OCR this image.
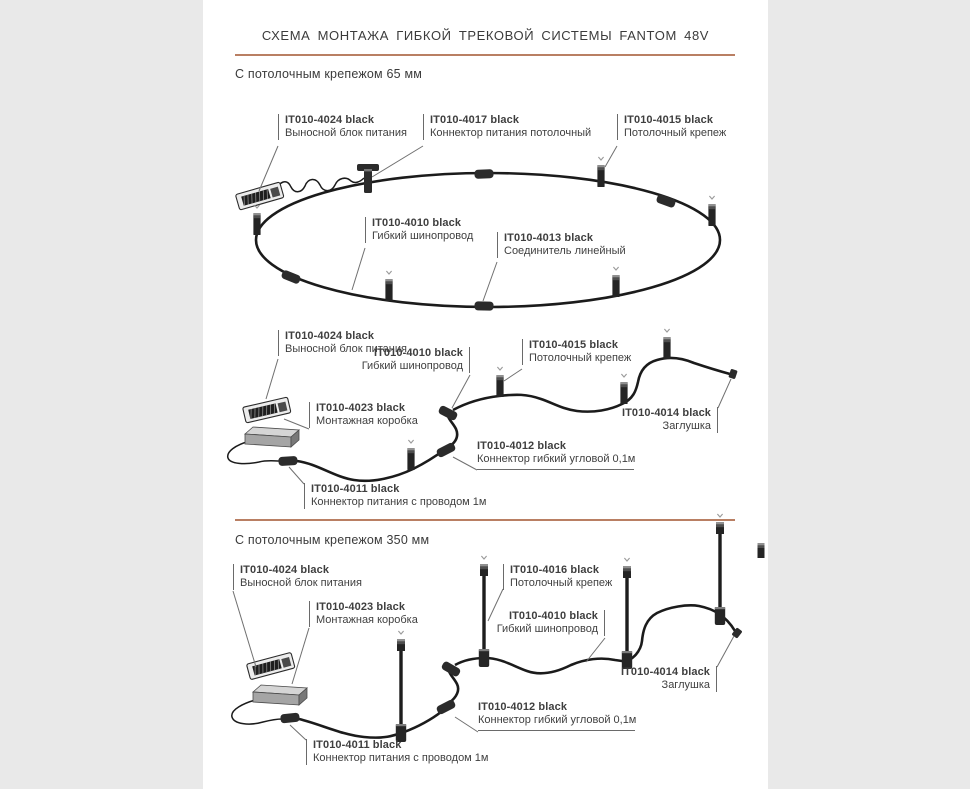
СХЕМА МОНТАЖА ГИБКОЙ ТРЕКОВОЙ СИСТЕМЫ FANTOM 48V
С потолочным крепежом 65 мм
С потолочным крепежом 350 мм
IT010-4024 black
Выносной блок питания
IT010-4017 black
Коннектор питания потолочный
IT010-4015 black
Потолочный крепеж
IT010-4010 black
Гибкий шинопровод	IT010-4013 black
Соединитель линейный
IT010-4024 black
Выносной блок питания
IT010-4010 black
Гибкий шинопровод
IT010-4015 black
Потолочный крепеж
IT010-4023 black
Монтажная коробка
IT010-4014 black
Заглушка
IT010-4012 black
Коннектор гибкий угловой 0,1м
IT010-4011 black
Коннектор питания с проводом 1м
IT010-4024 black
Выносной блок питания
IT010-4023 black
Монтажная коробка
IT010-4016 black
Потолочный крепеж
IT010-4010 black
Гибкий шинопровод
IT010-4014 black
Заглушка
IT010-4012 black
Коннектор гибкий угловой 0,1м
IT010-4011 black
Коннектор питания с проводом 1м
